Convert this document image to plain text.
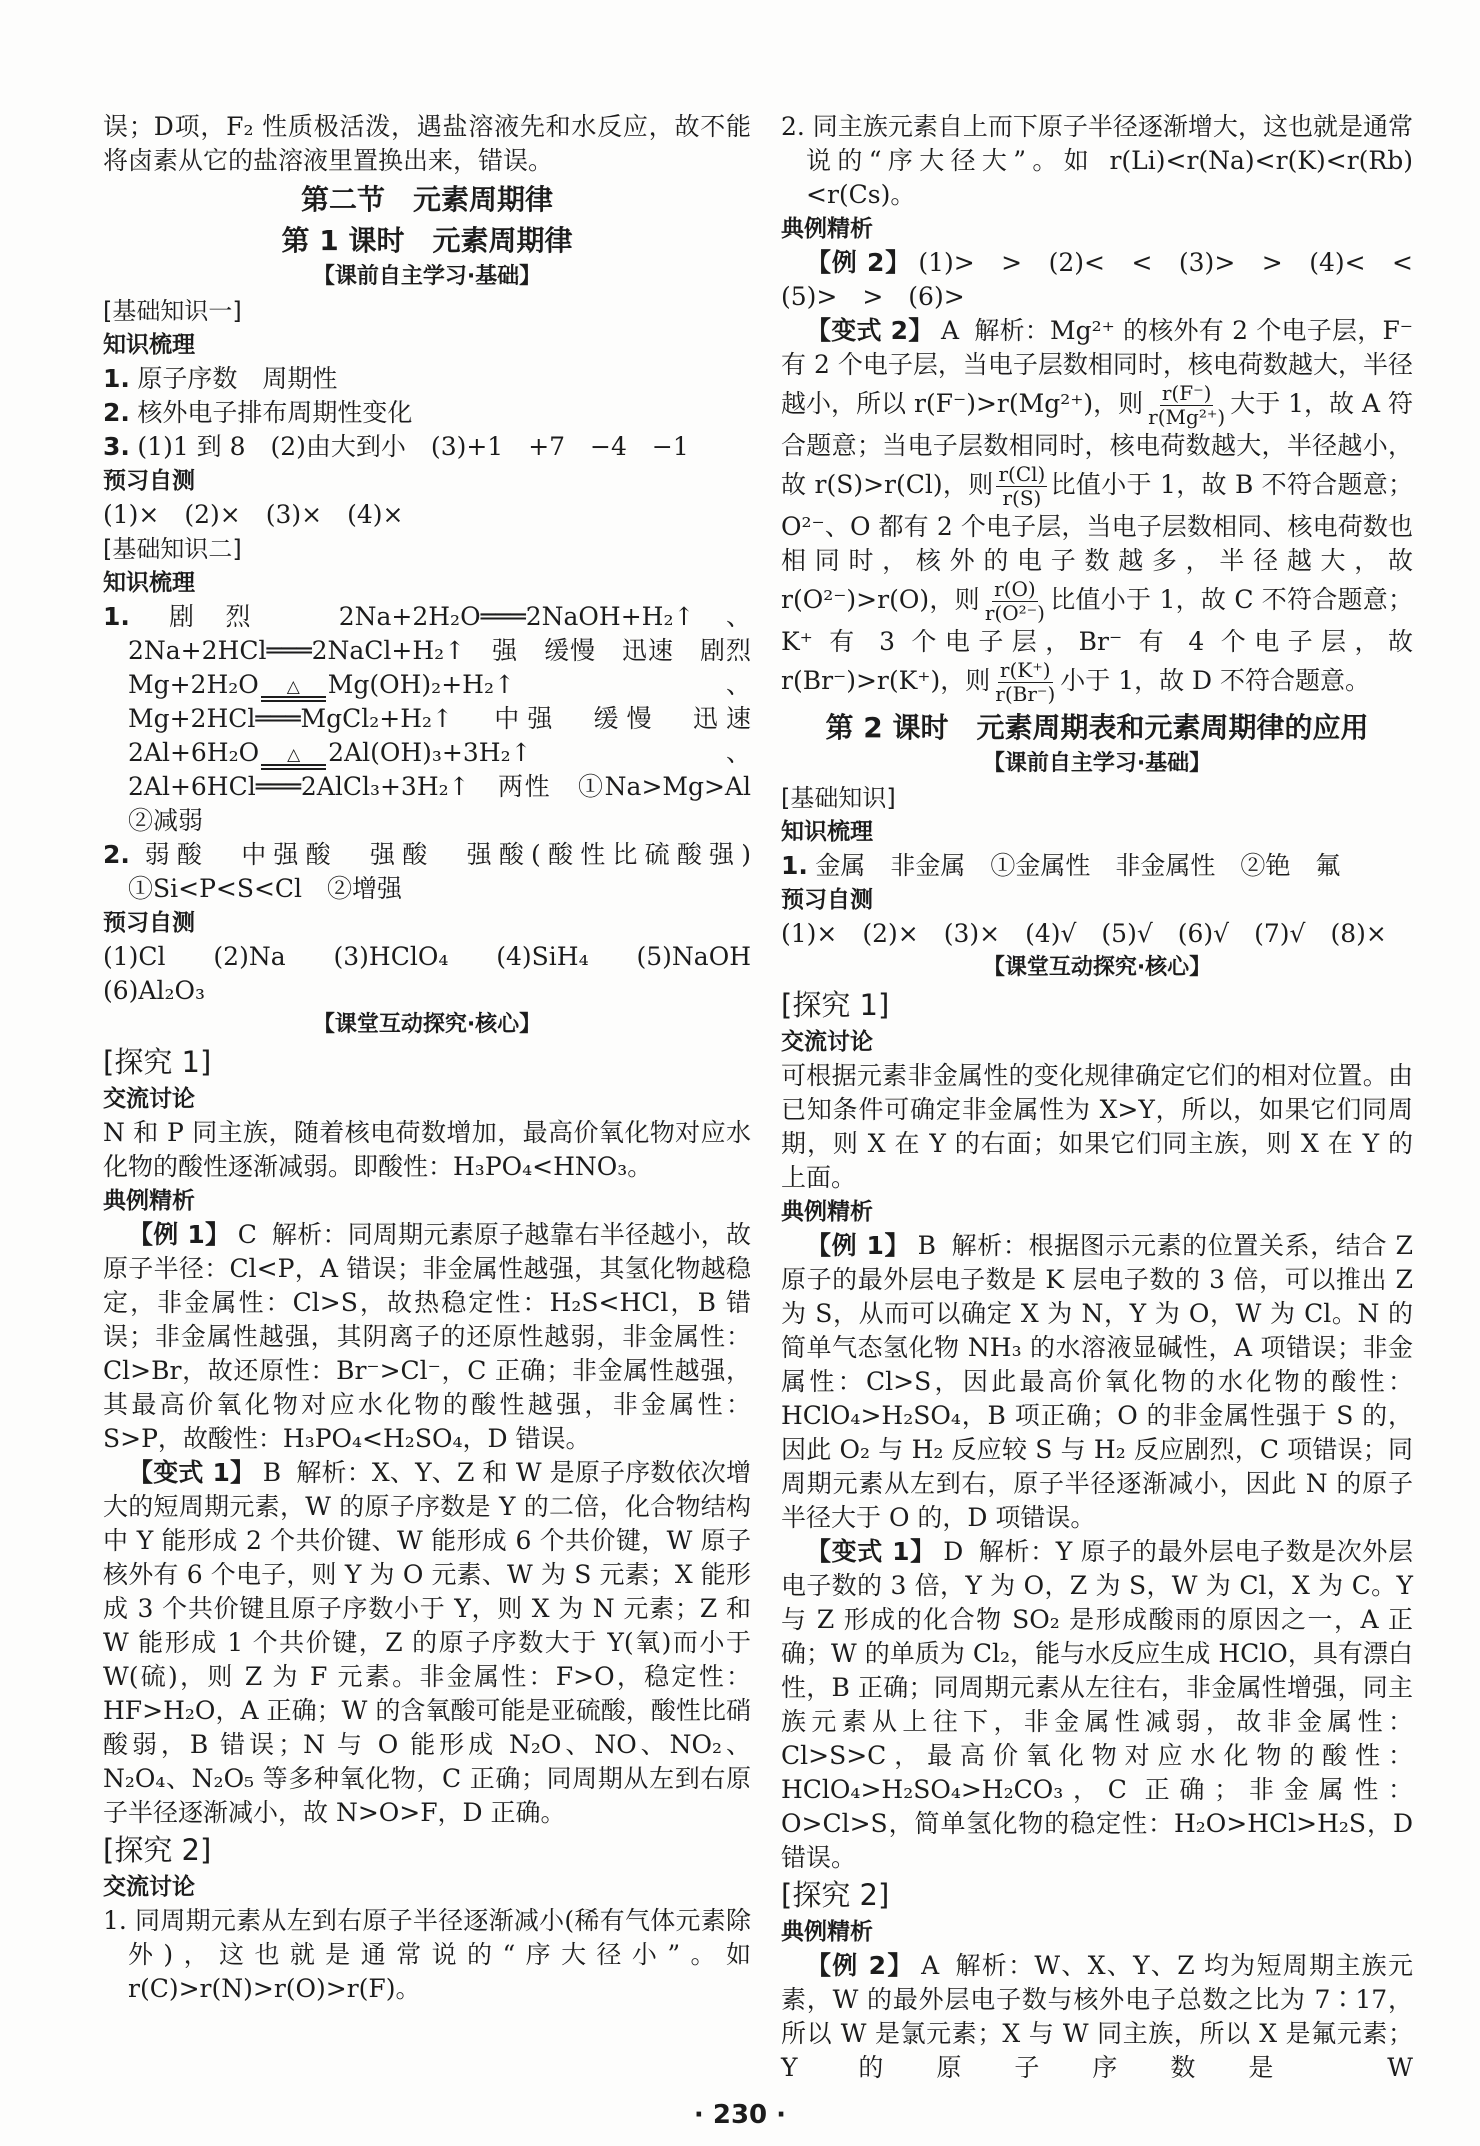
误；D项，F₂ 性质极活泼，遇盐溶液先和水反应，故不能将卤素从它的盐溶液里置换出来，错误。

第二节　元素周期律
第 1 课时　元素周期律
【课前自主学习·基础】
[基础知识一]
知识梳理

1. 原子序数　周期性

2. 核外电子排布周期性变化

3. (1)1 到 8　(2)由大到小　(3)+1　+7　−4　−1

预习自测

(1)×　(2)×　(3)×　(4)×

[基础知识二]
知识梳理

1. 剧烈　2Na+2H₂O═══2NaOH+H₂↑、2Na+2HCl═══2NaCl+H₂↑　强　缓慢　迅速　剧烈　Mg+2H₂O △ Mg(OH)₂+H₂↑、Mg+2HCl═══MgCl₂+H₂↑　中强　缓慢　迅速　2Al+6H₂O △ 2Al(OH)₃+3H₂↑、2Al+6HCl═══2AlCl₃+3H₂↑　两性　①Na>Mg>Al　②减弱

2. 弱酸　中强酸　强酸　强酸(酸性比硫酸强)　①Si<P<S<Cl　②增强

预习自测

(1)Cl　(2)Na　(3)HClO₄　(4)SiH₄　(5)NaOH　(6)Al₂O₃

【课堂互动探究·核心】
[探究 1]
交流讨论

N 和 P 同主族，随着核电荷数增加，最高价氧化物对应水化物的酸性逐渐减弱。即酸性：H₃PO₄<HNO₃。

典例精析

【例 1】 C 解析：同周期元素原子越靠右半径越小，故原子半径：Cl<P，A 错误；非金属性越强，其氢化物越稳定，非金属性：Cl>S，故热稳定性：H₂S<HCl，B 错误；非金属性越强，其阴离子的还原性越弱，非金属性：Cl>Br，故还原性：Br⁻>Cl⁻，C 正确；非金属性越强，其最高价氧化物对应水化物的酸性越强，非金属性：S>P，故酸性：H₃PO₄<H₂SO₄，D 错误。

【变式 1】 B 解析：X、Y、Z 和 W 是原子序数依次增大的短周期元素，W 的原子序数是 Y 的二倍，化合物结构中 Y 能形成 2 个共价键、W 能形成 6 个共价键，W 原子核外有 6 个电子，则 Y 为 O 元素、W 为 S 元素；X 能形成 3 个共价键且原子序数小于 Y，则 X 为 N 元素；Z 和 W 能形成 1 个共价键，Z 的原子序数大于 Y(氧)而小于 W(硫)，则 Z 为 F 元素。非金属性：F>O，稳定性：HF>H₂O，A 正确；W 的含氧酸可能是亚硫酸，酸性比硝酸弱，B 错误；N 与 O 能形成 N₂O、NO、NO₂、N₂O₄、N₂O₅ 等多种氧化物，C 正确；同周期从左到右原子半径逐渐减小，故 N>O>F，D 正确。

[探究 2]
交流讨论

1. 同周期元素从左到右原子半径逐渐减小(稀有气体元素除外)，这也就是通常说的“序大径小”。如 r(C)>r(N)>r(O)>r(F)。

2. 同主族元素自上而下原子半径逐渐增大，这也就是通常说的“序大径大”。如 r(Li)<r(Na)<r(K)<r(Rb)<r(Cs)。

典例精析

【例 2】 (1)>　>　(2)<　<　(3)>　>　(4)<　<　(5)>　>　(6)>

【变式 2】 A 解析：Mg²⁺ 的核外有 2 个电子层，F⁻ 有 2 个电子层，当电子层数相同时，核电荷数越大，半径越小，所以 r(F⁻)>r(Mg²⁺)，则 $\frac{r(F^-)}{\text{r(Mg²⁺)}}$ 大于 1，故 A 符合题意；当电子层数相同时，核电荷数越大，半径越小，故 r(S)>r(Cl)，则 $\frac{r(Cl)}{r(S)}$ 比值小于 1，故 B 不符合题意；O²⁻、O 都有 2 个电子层，当电子层数相同、核电荷数也相同时，核外的电子数越多，半径越大，故 r(O²⁻)>r(O)，则 $\frac{r(O)}{\text{r(O²⁻)}}$ 比值小于 1，故 C 不符合题意；K⁺ 有 3 个电子层，Br⁻ 有 4 个电子层，故 r(Br⁻)>r(K⁺)，则 $\frac{r(K^+)}{r(Br^-)}$ 小于 1，故 D 不符合题意。

第 2 课时　元素周期表和元素周期律的应用
【课前自主学习·基础】
[基础知识]
知识梳理

1. 金属　非金属　①金属性　非金属性　②铯　氟

预习自测

(1)×　(2)×　(3)×　(4)√　(5)√　(6)√　(7)√　(8)×

【课堂互动探究·核心】
[探究 1]
交流讨论

可根据元素非金属性的变化规律确定它们的相对位置。由已知条件可确定非金属性为 X>Y，所以，如果它们同周期，则 X 在 Y 的右面；如果它们同主族，则 X 在 Y 的上面。

典例精析

【例 1】 B 解析：根据图示元素的位置关系，结合 Z 原子的最外层电子数是 K 层电子数的 3 倍，可以推出 Z 为 S，从而可以确定 X 为 N，Y 为 O，W 为 Cl。N 的简单气态氢化物 NH₃ 的水溶液显碱性，A 项错误；非金属性：Cl>S，因此最高价氧化物的水化物的酸性：HClO₄>H₂SO₄，B 项正确；O 的非金属性强于 S 的，因此 O₂ 与 H₂ 反应较 S 与 H₂ 反应剧烈，C 项错误；同周期元素从左到右，原子半径逐渐减小，因此 N 的原子半径大于 O 的，D 项错误。

【变式 1】 D 解析：Y 原子的最外层电子数是次外层电子数的 3 倍，Y 为 O，Z 为 S，W 为 Cl，X 为 C。Y 与 Z 形成的化合物 SO₂ 是形成酸雨的原因之一，A 正确；W 的单质为 Cl₂，能与水反应生成 HClO，具有漂白性，B 正确；同周期元素从左往右，非金属性增强，同主族元素从上往下，非金属性减弱，故非金属性：Cl>S>C，最高价氧化物对应水化物的酸性：HClO₄>H₂SO₄>H₂CO₃，C 正确；非金属性：O>Cl>S，简单氢化物的稳定性：H₂O>HCl>H₂S，D 错误。

[探究 2]
典例精析

【例 2】 A 解析：W、X、Y、Z 均为短周期主族元素，W 的最外层电子数与核外电子总数之比为 7∶17，所以 W 是氯元素；X 与 W 同主族，所以 X 是氟元素；Y 的原子序数是 W

· 230 ·
